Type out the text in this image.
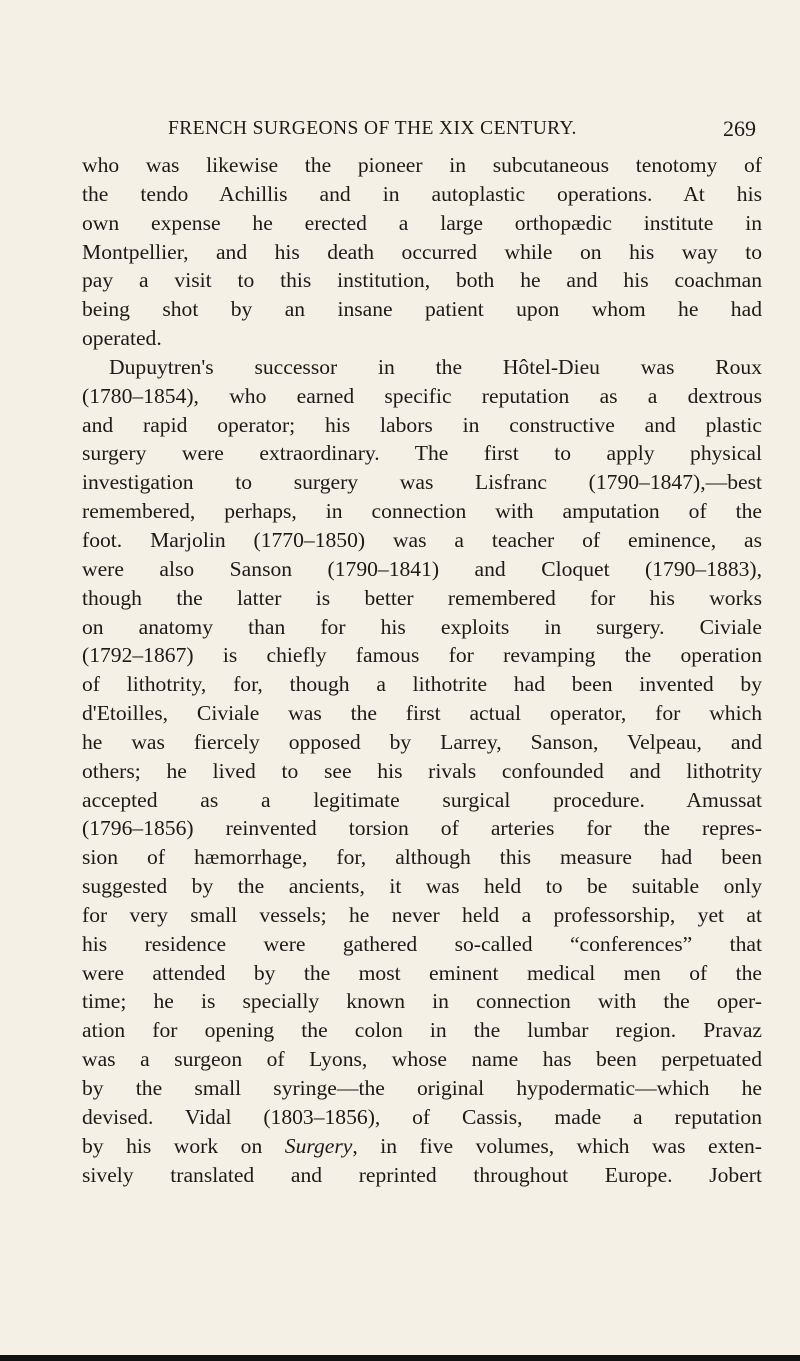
FRENCH SURGEONS OF THE XIX CENTURY.	269
who was likewise the pioneer in subcutaneous tenotomy of
the tendo Achillis and in autoplastic operations. At his
own expense he erected a large orthopædic institute in
Montpellier, and his death occurred while on his way to
pay a visit to this institution, both he and his coachman
being shot by an insane patient upon whom he had
operated.
Dupuytren's successor in the Hôtel-Dieu was Roux
(1780–1854), who earned specific reputation as a dextrous
and rapid operator; his labors in constructive and plastic
surgery were extraordinary. The first to apply physical
investigation to surgery was Lisfranc (1790–1847),—best
remembered, perhaps, in connection with amputation of the
foot. Marjolin (1770–1850) was a teacher of eminence, as
were also Sanson (1790–1841) and Cloquet (1790–1883),
though the latter is better remembered for his works
on anatomy than for his exploits in surgery. Civiale
(1792–1867) is chiefly famous for revamping the operation
of lithotrity, for, though a lithotrite had been invented by
d'Etoilles, Civiale was the first actual operator, for which
he was fiercely opposed by Larrey, Sanson, Velpeau, and
others; he lived to see his rivals confounded and lithotrity
accepted as a legitimate surgical procedure. Amussat
(1796–1856) reinvented torsion of arteries for the repres-
sion of hæmorrhage, for, although this measure had been
suggested by the ancients, it was held to be suitable only
for very small vessels; he never held a professorship, yet at
his residence were gathered so-called “conferences” that
were attended by the most eminent medical men of the
time; he is specially known in connection with the oper-
ation for opening the colon in the lumbar region. Pravaz
was a surgeon of Lyons, whose name has been perpetuated
by the small syringe—the original hypodermatic—which he
devised. Vidal (1803–1856), of Cassis, made a reputation
by his work on Surgery, in five volumes, which was exten-
sively translated and reprinted throughout Europe. Jobert
